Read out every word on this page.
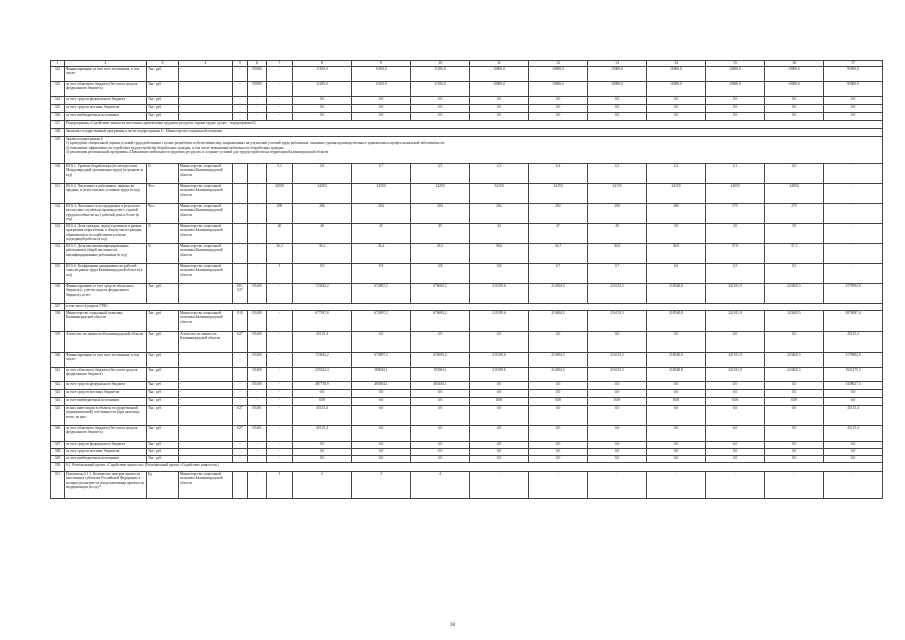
1	2	3	4	5	6	7	8	9	10	11	12	13	14	15	16	17
323	Финансирование за счет всех источников, в том числе:	Тыс. руб.	-	-	95000	-	11100,0	11100,0	11100,0	10000,0	10000,0	10000,0	10000,0	10000,0	10000,0	95000,0
325	за счет областного бюджета (без учета средств федерального бюджета)	Тыс. руб.	-	-	95000	-	11100,0	11100,0	11100,0	10000,0	10000,0	10000,0	10000,0	10000,0	10000,0	95000,0
324	за счет средств федерального бюджета	Тыс. руб.	-	-	-	-	0,0	0,0	0,0	0,0	0,0	0,0	0,0	0,0	0,0	0,0
325	за счет средств местных бюджетов	Тыс. руб.	-	-	-	-	0,0	0,0	0,0	0,0	0,0	0,0	0,0	0,0	0,0	0,0
326	за счет внебюджетных источников	Тыс. руб.	-	-	-	-	0,0	0,0	0,0	0,0	0,0	0,0	0,0	0,0	0,0	0,0
327	Подпрограмма «Содействие занятости населения, привлечения трудовых ресурсов, охрана труда» (далее - подпрограмма 6)															
328	Заказчик государственной программы в части подпрограммы 6 - Министерство социальной политики															
329	Задачи подпрограммы 6
1) проведение специальной оценки условий труда работников с целью разработки и обеспечения мер, направленных на улучшение условий труда работников, снижение уровня производственного травматизма и профессиональной заболеваемости
2) повышение эффективности содействия трудоустройству безработных граждан, в том числе повышение мобильности безработных граждан
3) реализация региональной программы «Повышение мобильности трудовых ресурсов» и создание условий для трудоустройства на территории Калининградской области															
330	ИЗ 6.1. Уровень безработицы (по методологии Международной организации труда) (в среднем за год)	%	Министерство социальной политики Калининградской области	-	-	5,1	4,8	4,7	4,5	4,3	4,4	4,3	4,2	4,1	4,0	-
331	ИЗ 6.2. Численность работников, занятых во вредных и (или) опасных условиях труда (в год)	Чел.	Министерство социальной политики Калининградской области	-	-	34350	34450	34350	34250	34150	34250	34150	34150	34050	34050	-
332	ИЗ 6.3. Численность пострадавших в результате несчастных случаев на производстве с утратой трудоспособности на 1 рабочий день и более (в год)	Чел.	Министерство социальной политики Калининградской области	-	-	290	286	284	284	282	282	280	280	275	275	-
333	ИЗ 6.4. Доля граждан, трудоустроенных в рамках программы переселения, в общем числе граждан, обратившихся за содействием в поиске подходящей работы (в год)	%	Министерство социальной политики Калининградской области	-	-	40	40	45	45	44	47	48	50	50	50	-
334	ИЗ 6.5. Доля высококвалифицированных работников в общей численности квалифицированных работников (в год)	%	Министерство социальной политики Калининградской области	-	-	36,2	36,2	36,4	36,5	36,6	36,7	36,8	36,9	37,0	37,1	-
335	ИЗ 6.6. Коэффициент напряженности рабочей силы на рынке труда Калининградской области (в год)	-	Министерство социальной политики Калининградской области	-	-	1	0,9	0,9	0,8	0,8	0,7	0,7	0,6	0,5	0,5	-
336	Финансирование за счет средств областного бюджета (с учетом средств федерального бюджета), всего	Тыс. руб.	-	010, 027	05400	-	723043,2	672897,2	676693,2	211039,6	213694,5	216135,3	218548,8	221011,9	223405,5	3179902,9
337	в том числе в разрезе ГРБС:															
338	Министерство социальной политики Калининградской области	Тыс. руб.	Министерство социальной политики Калининградской области	010	05400	-	677927,8	672897,2	676693,2	211039,6	213694,5	216135,3	218548,8	221011,9	223405,5	3070087,4
339	Агентство по занятости Калининградской области	Тыс. руб.	Агентство по занятости Калининградской области	027	05400	-	45115,4	0,0	0,0	0,0	0,0	0,0	0,0	0,0	0,0	45115,4
340	Финансирование за счет всех источников, в том числе:	Тыс. руб.	-	-	05400	-	723043,2	672897,2	676693,2	211039,6	213694,5	216135,3	218548,8	221011,9	223405,5	3179902,9
341	за счет областного бюджета (без учета средств федерального бюджета)	Тыс. руб.	-	-	05400	-	235324,3	189043,1	193063,1	211039,6	213694,5	216135,3	218548,8	221011,9	223405,5	1921275,3
342	за счет средств федерального бюджета	Тыс. руб.	-	-	05400	-	487718,9	483854,1	483630,1	0,0	0,0	0,0	0,0	0,0	0,0	1458627,3
343	за счет средств местных бюджетов	Тыс. руб.	-	-	-	-	0,0	0,0	0,0	0,0	0,0	0,0	0,0	0,0	0,0	0,0
344	за счет внебюджетных источников	Тыс. руб.	-	-	-	-	0,00	0,0	0,0	0,00	0,00	0,00	0,00	0,00	0,00	0,0
345	из них инвестиции в объекты государственной (муниципальной) собственности (при наличии), всего, из них:	Тыс. руб.	-	027	05401	-	45115,4	0,0	0,0	0,0	0,0	0,0	0,0	0,0	0,0	45115,4
346	за счет областного бюджета (без учета средств федерального бюджета)	Тыс. руб.	-	027	05401	-	45115,4	0,0	0,0	0,0	0,0	0,0	0,0	0,0	0,0	45115,4
347	за счет средств федерального бюджета	Тыс. руб.	-	-	-	-	0,0	0,0	0,0	0,0	0,0	0,0	0,0	0,0	0,0	0,0
348	за счет средств местных бюджетов	Тыс. руб.	-	-	-	-	0,0	0,0	0,0	0,0	0,0	0,0	0,0	0,0	0,0	0,0
349	за счет внебюджетных источников	Тыс. руб.	-	-	-	-	0,0	0,0	0,0	0,0	0,0	0,0	0,0	0,0	0,0	0,0
350	6.1. Региональный проект «Содействие занятости» (Региональный проект «Содействие занятости»)															
351	Показатель 6.1.1. Количество центров занятости населения в субъектах Российской Федерации, в которых реализуются или реализованы проекты по модернизации (в год) *	Ед.	Министерство социальной политики Калининградской области	-	-	1	2	3	4	-	-	-	-	-	-	-
38
